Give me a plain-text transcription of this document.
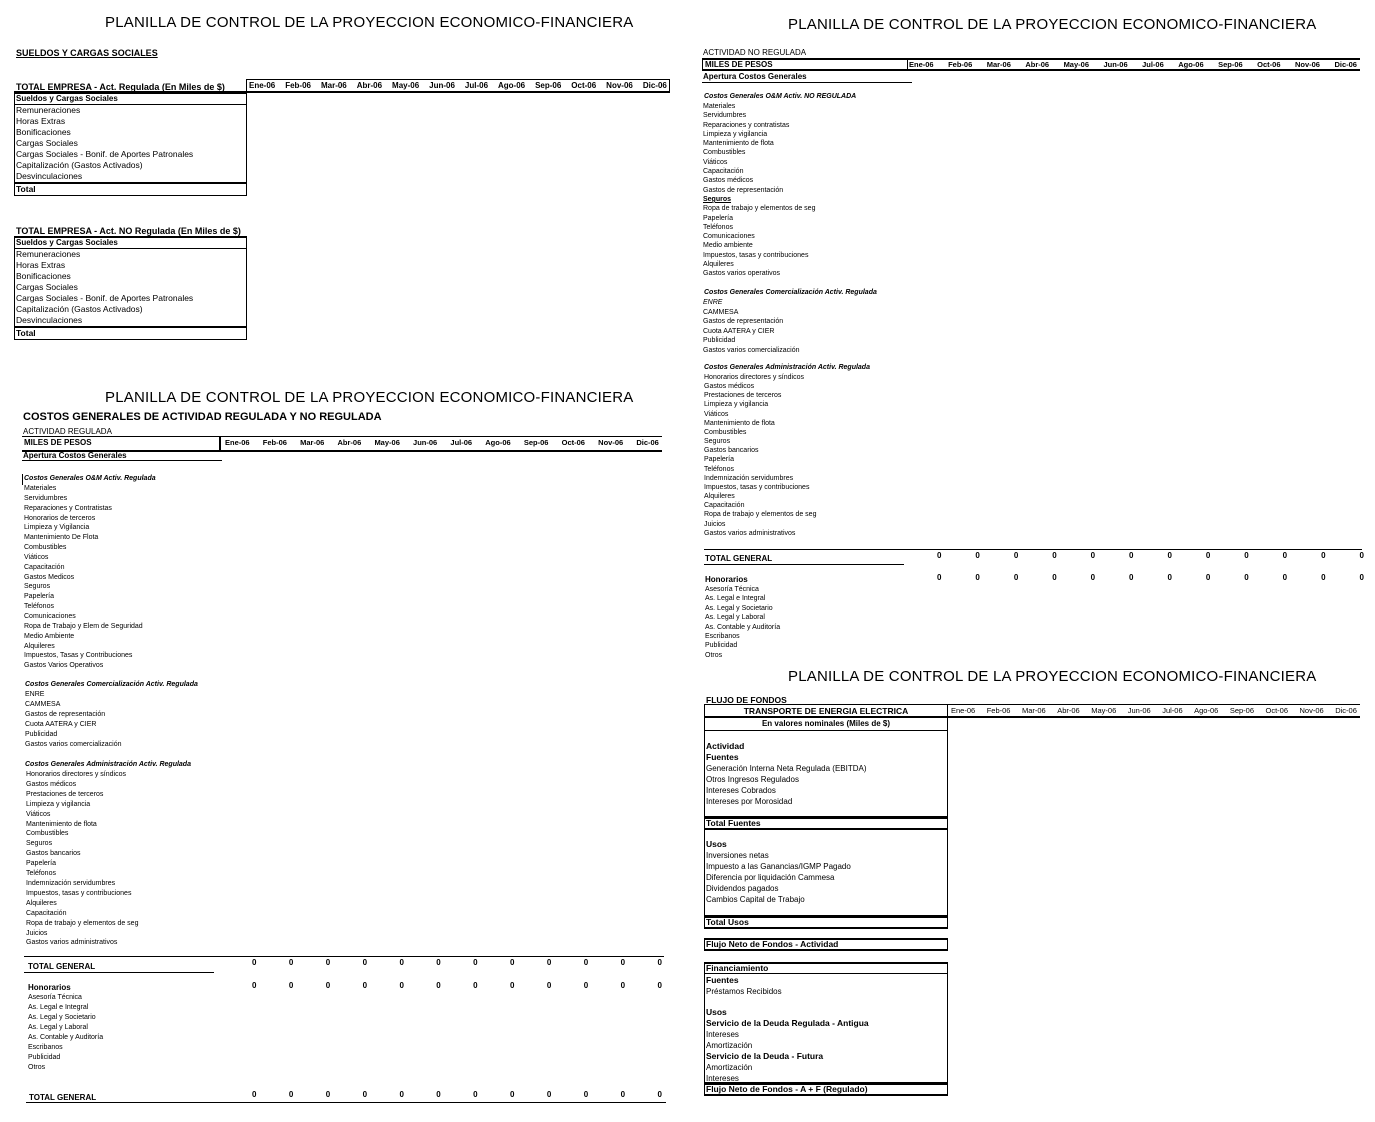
PLANILLA DE CONTROL DE LA PROYECCION ECONOMICO-FINANCIERA	PLANILLA DE CONTROL DE LA PROYECCION ECONOMICO-FINANCIERA
PLANILLA DE CONTROL DE LA PROYECCION ECONOMICO-FINANCIERA
PLANILLA DE CONTROL DE LA PROYECCION ECONOMICO-FINANCIERA
SUELDOS Y CARGAS SOCIALES
TOTAL EMPRESA - Act. Regulada (En Miles de $)	Ene-06 Feb-06 Mar-06 Abr-06 May-06 Jun-06 Jul-06 Ago-06 Sep-06 Oct-06 Nov-06 Dic-06
Sueldos y Cargas Sociales
Remuneraciones
Horas Extras
Bonificaciones
Cargas Sociales
Cargas Sociales - Bonif. de Aportes Patronales
Capitalización (Gastos Activados)
Desvinculaciones
Total
TOTAL EMPRESA - Act. NO Regulada (En Miles de $)
Sueldos y Cargas Sociales
Remuneraciones
Horas Extras
Bonificaciones
Cargas Sociales
Cargas Sociales - Bonif. de Aportes Patronales
Capitalización (Gastos Activados)
Desvinculaciones
Total
COSTOS GENERALES DE ACTIVIDAD REGULADA Y NO REGULADA
ACTIVIDAD REGULADA
MILES DE PESOS	Ene-06 Feb-06 Mar-06 Abr-06 May-06 Jun-06 Jul-06 Ago-06 Sep-06 Oct-06 Nov-06 Dic-06
Apertura Costos Generales
Costos Generales O&M Activ. Regulada
Materiales
Servidumbres
Reparaciones y Contratistas
Honorarios de terceros
Limpieza y Vigilancia
Mantenimiento De Flota
Combustibles
Viáticos
Capacitación
Gastos Medicos
Seguros
Papelería
Teléfonos
Comunicaciones
Ropa de Trabajo y Elem de Seguridad
Medio Ambiente
Alquileres
Impuestos, Tasas y Contribuciones
Gastos Varios Operativos
Costos Generales Comercialización Activ. Regulada
ENRE
CAMMESA
Gastos de representación
Cuota AATERA y CIER
Publicidad
Gastos varios comercialización
Costos Generales Administración Activ. Regulada
Honorarios directores y síndicos
Gastos médicos
Prestaciones de terceros
Limpieza y vigilancia
Viáticos
Mantenimiento de flota
Combustibles
Seguros
Gastos bancarios
Papelería
Teléfonos
Indemnización servidumbres
Impuestos, tasas y contribuciones
Alquileres
Capacitación
Ropa de trabajo y elementos de seg
Juicios
Gastos varios administrativos
TOTAL GENERAL	0	0	0	0	0	0	0	0	0	0	0	0
Honorarios	0	0	0	0	0	0	0	0	0	0	0	0
Asesoría Técnica
As. Legal e Integral
As. Legal y Societario
As. Legal y Laboral
As. Contable y Auditoría
Escribanos
Publicidad
Otros
TOTAL GENERAL	0	0	0	0	0	0	0	0	0	0	0	0
ACTIVIDAD NO REGULADA
MILES DE PESOS	Ene-06 Feb-06 Mar-06 Abr-06 May-06 Jun-06 Jul-06 Ago-06 Sep-06 Oct-06 Nov-06 Dic-06
Apertura Costos Generales
Costos Generales O&M Activ. NO REGULADA
Materiales
Servidumbres
Reparaciones y contratistas
Limpieza y vigilancia
Mantenimiento de flota
Combustibles
Viáticos
Capacitación
Gastos médicos
Gastos de representación
Seguros
Ropa de trabajo y elementos de seg
Papelería
Teléfonos
Comunicaciones
Medio ambiente
Impuestos, tasas y contribuciones
Alquileres
Gastos varios operativos
Costos Generales Comercialización Activ. Regulada
ENRE
CAMMESA
Gastos de representación
Cuota AATERA y CIER
Publicidad
Gastos varios comercialización
Costos Generales Administración Activ. Regulada
Honorarios directores y síndicos
Gastos médicos
Prestaciones de terceros
Limpieza y vigilancia
Viáticos
Mantenimiento de flota
Combustibles
Seguros
Gastos bancarios
Papelería
Teléfonos
Indemnización servidumbres
Impuestos, tasas y contribuciones
Alquileres
Capacitación
Ropa de trabajo y elementos de seg
Juicios
Gastos varios administrativos
TOTAL GENERAL	0	0	0	0	0	0	0	0	0	0	0	0
Honorarios	0	0	0	0	0	0	0	0	0	0	0	0
Asesoría Técnica
As. Legal e Integral
As. Legal y Societario
As. Legal y Laboral
As. Contable y Auditoría
Escribanos
Publicidad
Otros
FLUJO DE FONDOS
TRANSPORTE DE ENERGIA ELECTRICA	Ene-06 Feb-06 Mar-06 Abr-06 May-06 Jun-06 Jul-06 Ago-06 Sep-06 Oct-06 Nov-06 Dic-06
En valores nominales (Miles de $)
Actividad
Fuentes
Generación Interna Neta Regulada (EBITDA)
Otros Ingresos Regulados
Intereses Cobrados
Intereses por Morosidad
Total Fuentes
Usos
Inversiones netas
Impuesto a las Ganancias/IGMP Pagado
Diferencia por liquidación Cammesa
Dividendos pagados
Cambios Capital de Trabajo
Total Usos
Flujo Neto de Fondos - Actividad
Financiamiento
Fuentes
Préstamos Recibidos
Usos
Servicio de la Deuda Regulada - Antigua
Intereses
Amortización
Servicio de la Deuda - Futura
Amortización
Intereses
Flujo Neto de Fondos - A + F (Regulado)
